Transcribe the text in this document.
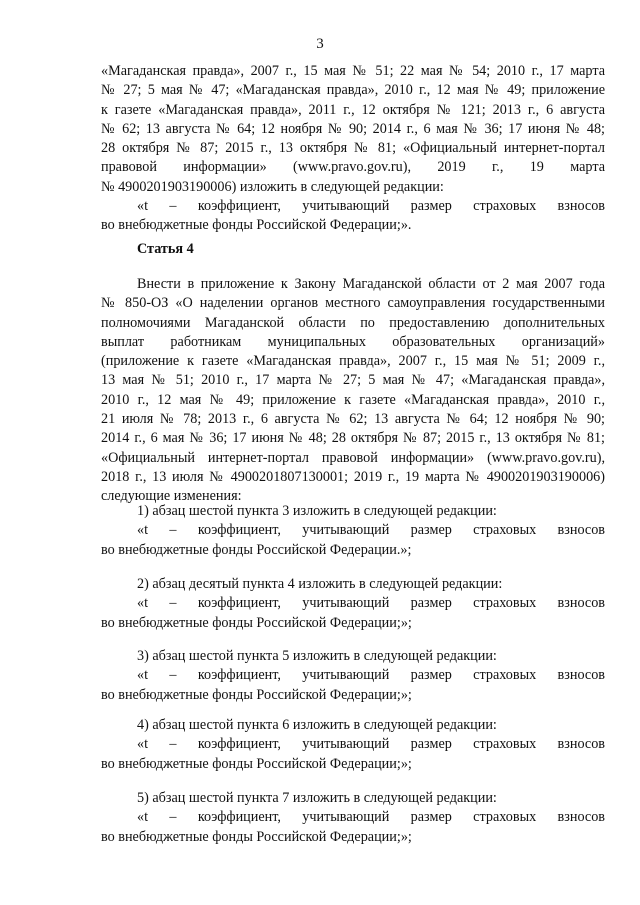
3
«Магаданская правда», 2007 г., 15 мая № 51; 22 мая № 54; 2010 г., 17 марта
№ 27; 5 мая № 47; «Магаданская правда», 2010 г., 12 мая № 49; приложение
к газете «Магаданская правда», 2011 г., 12 октября № 121; 2013 г., 6 августа
№ 62; 13 августа № 64; 12 ноября № 90; 2014 г., 6 мая № 36; 17 июня № 48;
28 октября № 87; 2015 г., 13 октября № 81; «Официальный интернет-портал
правовой информации» (www.pravo.gov.ru), 2019 г., 19 марта
№ 4900201903190006) изложить в следующей редакции:
«t – коэффициент, учитывающий размер страховых взносов
во внебюджетные фонды Российской Федерации;».
Статья 4
Внести в приложение к Закону Магаданской области от 2 мая 2007 года
№ 850-ОЗ «О наделении органов местного самоуправления государственными
полномочиями Магаданской области по предоставлению дополнительных
выплат работникам муниципальных образовательных организаций»
(приложение к газете «Магаданская правда», 2007 г., 15 мая № 51; 2009 г.,
13 мая № 51; 2010 г., 17 марта № 27; 5 мая № 47; «Магаданская правда»,
2010 г., 12 мая № 49; приложение к газете «Магаданская правда», 2010 г.,
21 июля № 78; 2013 г., 6 августа № 62; 13 августа № 64; 12 ноября № 90;
2014 г., 6 мая № 36; 17 июня № 48; 28 октября № 87; 2015 г., 13 октября № 81;
«Официальный интернет-портал правовой информации» (www.pravo.gov.ru),
2018 г., 13 июля № 4900201807130001; 2019 г., 19 марта № 4900201903190006)
следующие изменения:
1) абзац шестой пункта 3 изложить в следующей редакции:
«t – коэффициент, учитывающий размер страховых взносов
во внебюджетные фонды Российской Федерации.»;
2) абзац десятый пункта 4 изложить в следующей редакции:
«t – коэффициент, учитывающий размер страховых взносов
во внебюджетные фонды Российской Федерации;»;
3) абзац шестой пункта 5 изложить в следующей редакции:
«t – коэффициент, учитывающий размер страховых взносов
во внебюджетные фонды Российской Федерации;»;
4) абзац шестой пункта 6 изложить в следующей редакции:
«t – коэффициент, учитывающий размер страховых взносов
во внебюджетные фонды Российской Федерации;»;
5) абзац шестой пункта 7 изложить в следующей редакции:
«t – коэффициент, учитывающий размер страховых взносов
во внебюджетные фонды Российской Федерации;»;
